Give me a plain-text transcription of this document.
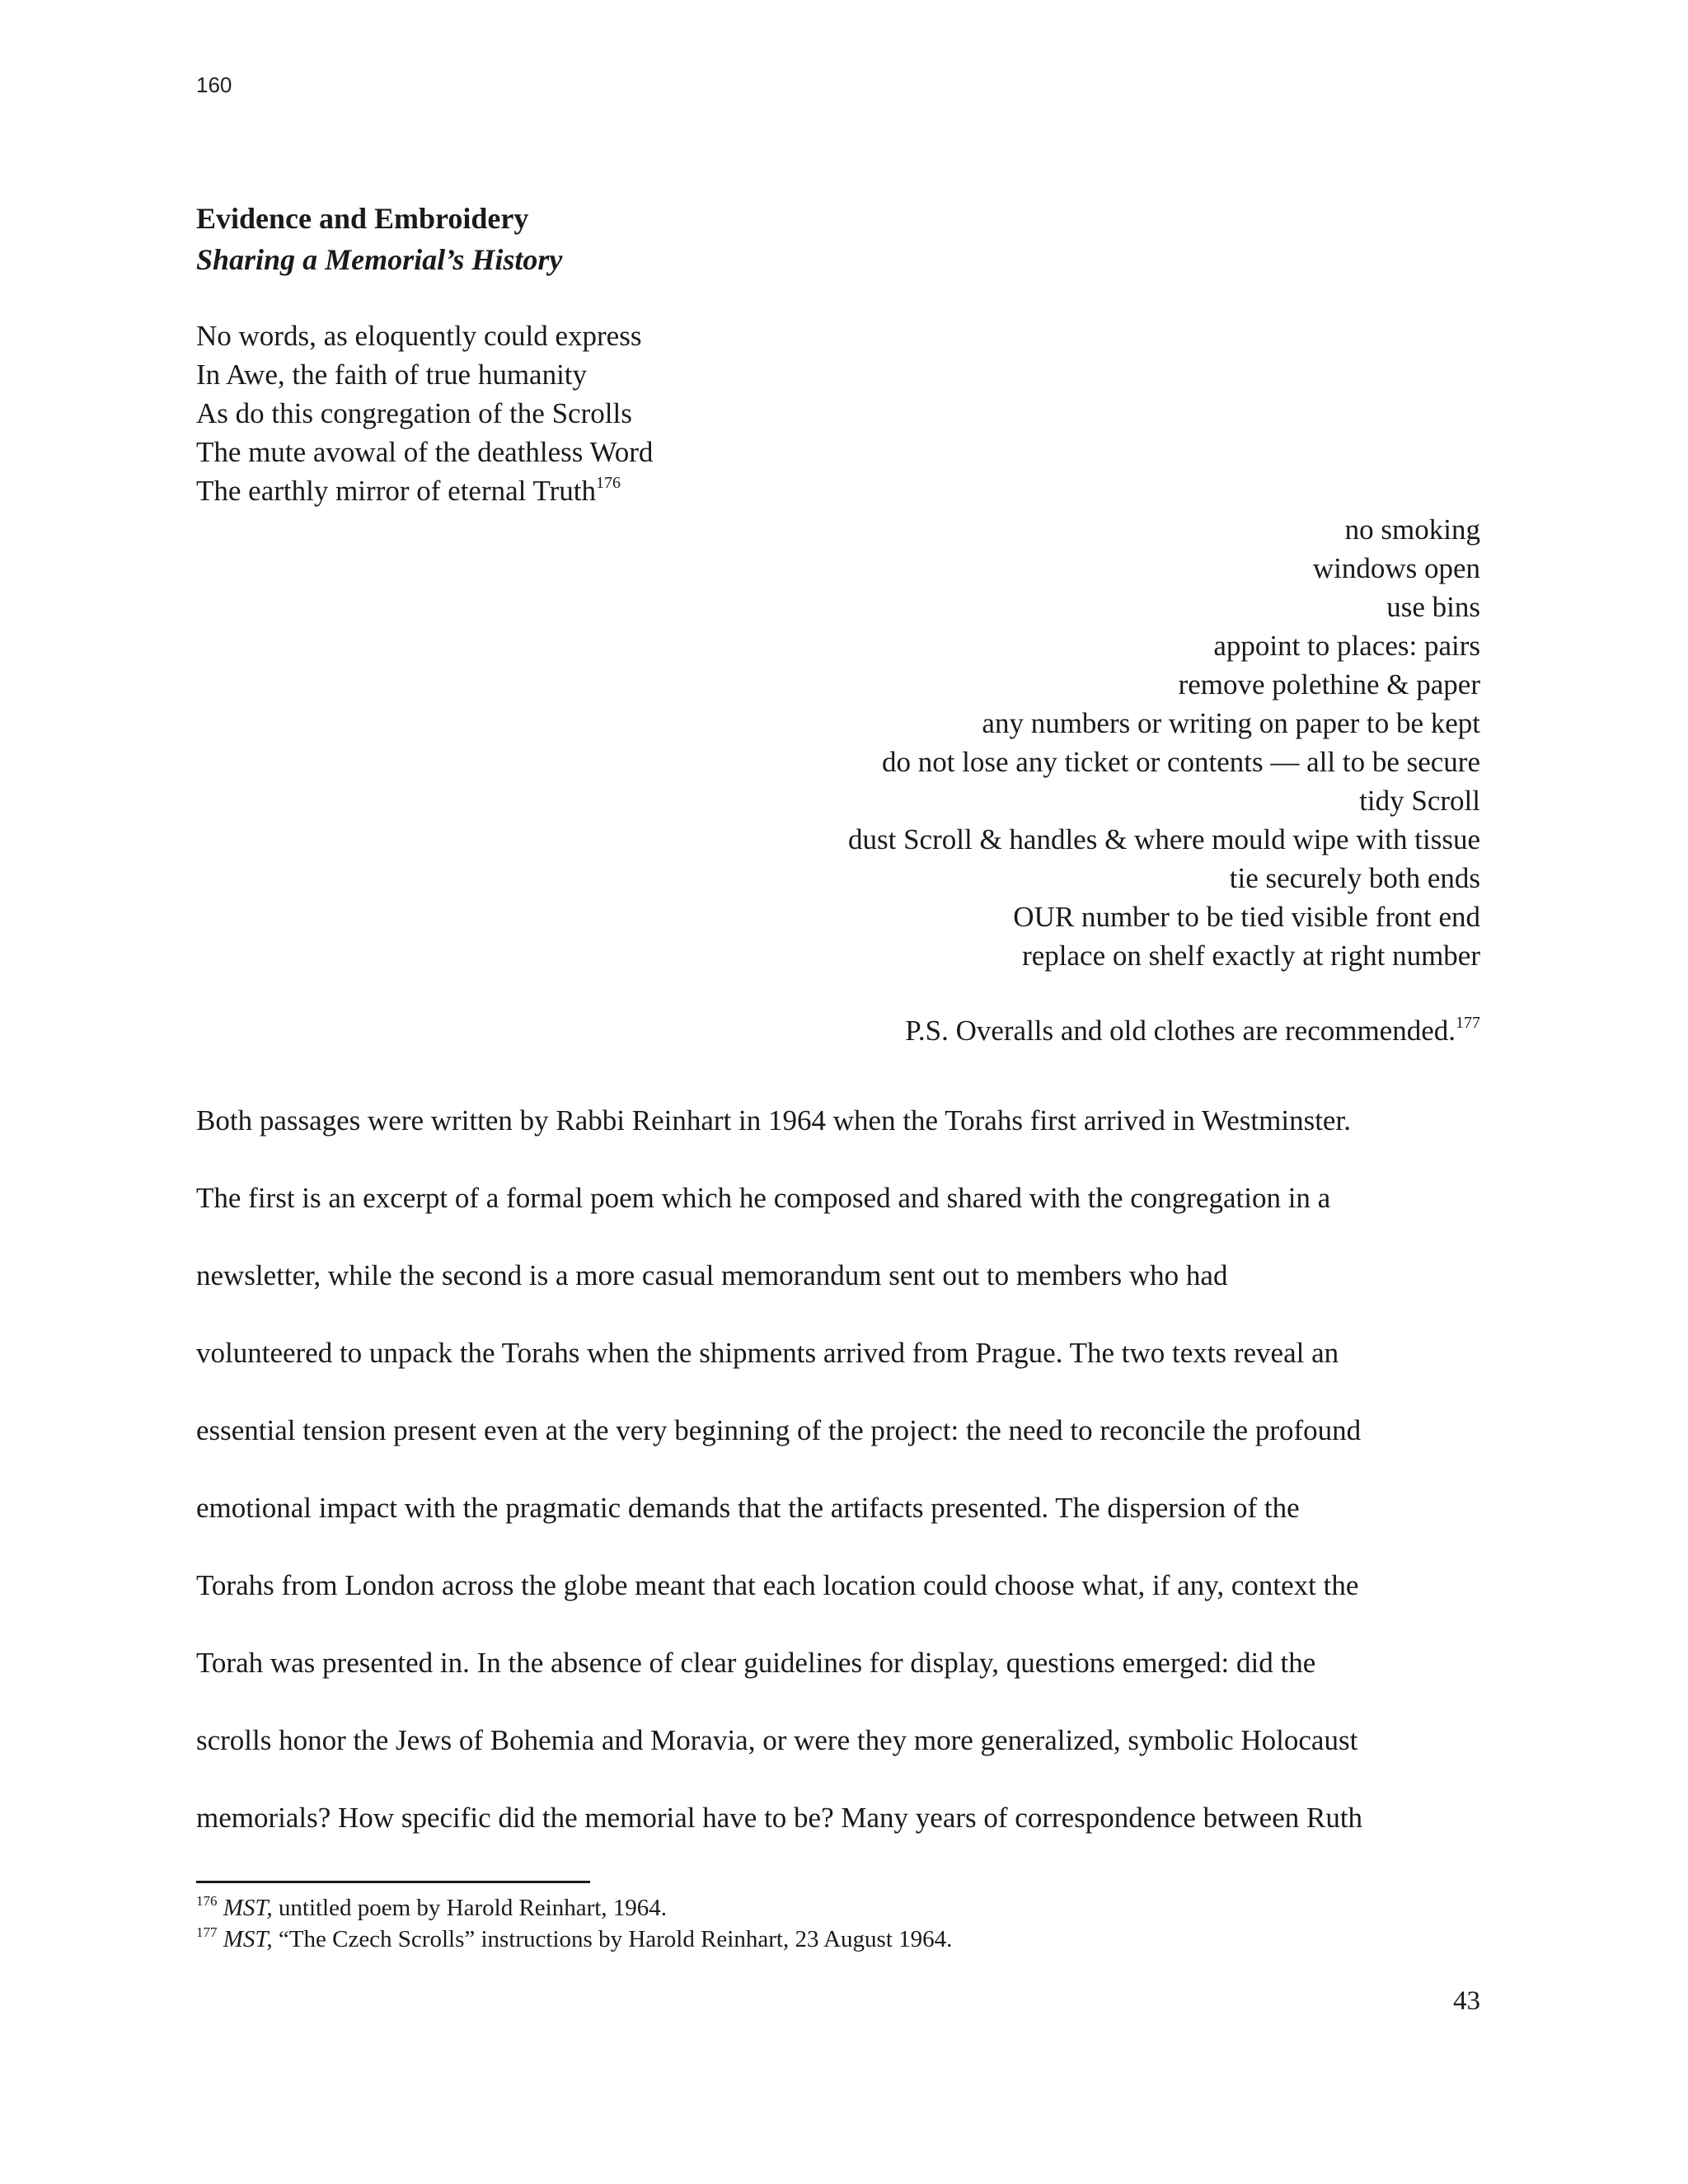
160
Evidence and Embroidery
Sharing a Memorial’s History
No words, as eloquently could express
In Awe, the faith of true humanity
As do this congregation of the Scrolls
The mute avowal of the deathless Word
The earthly mirror of eternal Truth$^{176}$
no smoking
windows open
use bins
appoint to places: pairs
remove polethine & paper
any numbers or writing on paper to be kept
do not lose any ticket or contents — all to be secure
tidy Scroll
dust Scroll & handles & where mould wipe with tissue
tie securely both ends
OUR number to be tied visible front end
replace on shelf exactly at right number
P.S. Overalls and old clothes are recommended.$^{177}$
Both passages were written by Rabbi Reinhart in 1964 when the Torahs first arrived in Westminster.
The first is an excerpt of a formal poem which he composed and shared with the congregation in a
newsletter, while the second is a more casual memorandum sent out to members who had
volunteered to unpack the Torahs when the shipments arrived from Prague. The two texts reveal an
essential tension present even at the very beginning of the project: the need to reconcile the profound
emotional impact with the pragmatic demands that the artifacts presented. The dispersion of the
Torahs from London across the globe meant that each location could choose what, if any, context the
Torah was presented in. In the absence of clear guidelines for display, questions emerged: did the
scrolls honor the Jews of Bohemia and Moravia, or were they more generalized, symbolic Holocaust
memorials? How specific did the memorial have to be? Many years of correspondence between Ruth
$^{176}$ MST, untitled poem by Harold Reinhart, 1964.
$^{177}$ MST, “The Czech Scrolls” instructions by Harold Reinhart, 23 August 1964.
43
